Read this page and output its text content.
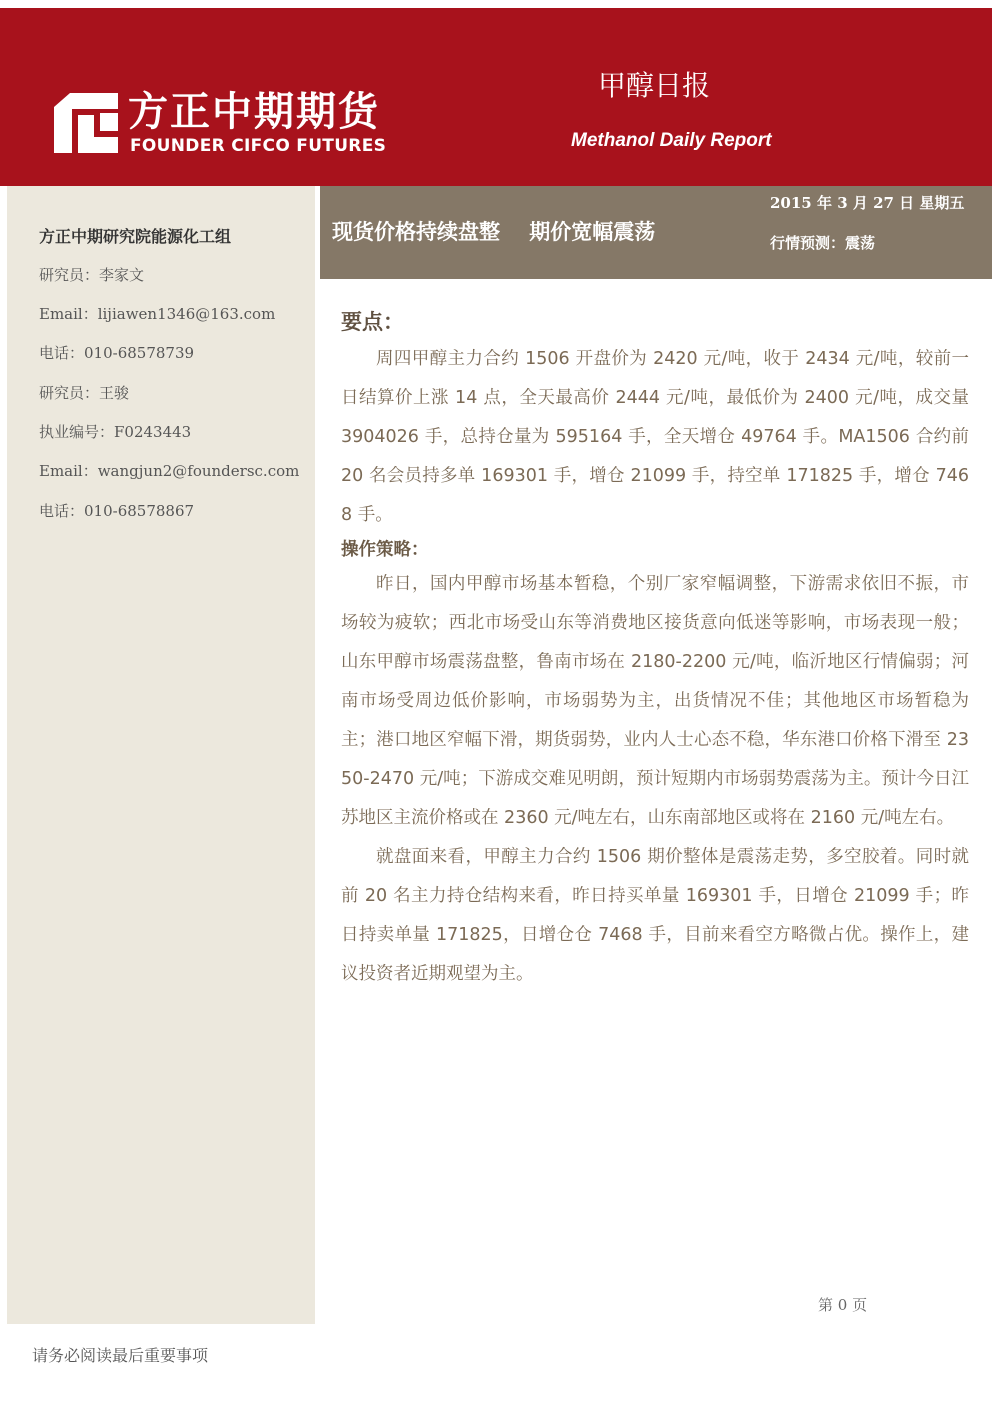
方正中期期货
FOUNDER CIFCO FUTURES
甲醇日报
Methanol Daily Report
方正中期研究院能源化工组
研究员：李家文
Email：lijiawen1346@163.com
电话：010-68578739
研究员：王骏
执业编号：F0243443
Email：wangjun2@foundersc.com
电话：010-68578867
现货价格持续盘整    期价宽幅震荡
2015 年 3 月 27 日 星期五
行情预测：震荡
要点：

周四甲醇主力合约 1506 开盘价为 2420 元/吨，收于 2434 元/吨，较前一日结算价上涨 14 点，全天最高价 2444 元/吨，最低价为 2400 元/吨，成交量 3904026 手，总持仓量为 595164 手，全天增仓 49764 手。MA1506 合约前 20 名会员持多单 169301 手，增仓 21099 手，持空单 171825 手，增仓 7468 手。

操作策略：

昨日，国内甲醇市场基本暂稳，个别厂家窄幅调整，下游需求依旧不振，市场较为疲软；西北市场受山东等消费地区接货意向低迷等影响，市场表现一般；山东甲醇市场震荡盘整，鲁南市场在 2180-2200 元/吨，临沂地区行情偏弱；河南市场受周边低价影响，市场弱势为主，出货情况不佳；其他地区市场暂稳为主；港口地区窄幅下滑，期货弱势，业内人士心态不稳，华东港口价格下滑至 2350-2470 元/吨；下游成交难见明朗，预计短期内市场弱势震荡为主。预计今日江苏地区主流价格或在 2360 元/吨左右，山东南部地区或将在 2160 元/吨左右。

就盘面来看，甲醇主力合约 1506 期价整体是震荡走势，多空胶着。同时就前 20 名主力持仓结构来看，昨日持买单量 169301 手，日增仓 21099 手；昨日持卖单量 171825，日增仓仓 7468 手，目前来看空方略微占优。操作上，建议投资者近期观望为主。

第 0 页
请务必阅读最后重要事项
